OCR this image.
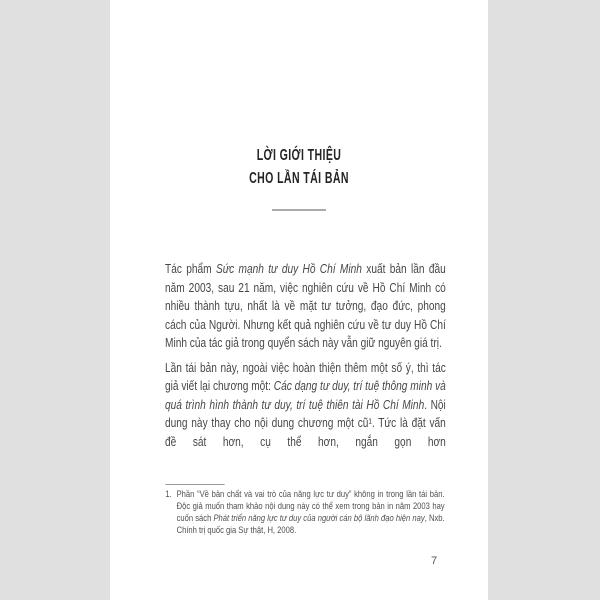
LỜI GIỚI THIỆU
CHO LẦN TÁI BẢN

Tác phẩm Sức mạnh tư duy Hồ Chí Minh xuất bản lần đầu năm 2003, sau 21 năm, việc nghiên cứu về Hồ Chí Minh có nhiều thành tựu, nhất là về mặt tư tưởng, đạo đức, phong cách của Người. Nhưng kết quả nghiên cứu về tư duy Hồ Chí Minh của tác giả trong quyển sách này vẫn giữ nguyên giá trị.

Lần tái bản này, ngoài việc hoàn thiện thêm một số ý, thì tác giả viết lại chương một: Các dạng tư duy, trí tuệ thông minh và quá trình hình thành tư duy, trí tuệ thiên tài Hồ Chí Minh. Nội dung này thay cho nội dung chương một cũ¹. Tức là đặt vấn đề sát hơn, cụ thể hơn, ngắn gọn hơn

1. Phần “Về bản chất và vai trò của năng lực tư duy” không in trong lần tái bản. Độc giả muốn tham khảo nội dung này có thể xem trong bản in năm 2003 hay cuốn sách Phát triển năng lực tư duy của người cán bộ lãnh đạo hiện nay, Nxb. Chính trị quốc gia Sự thật, H, 2008.
7
